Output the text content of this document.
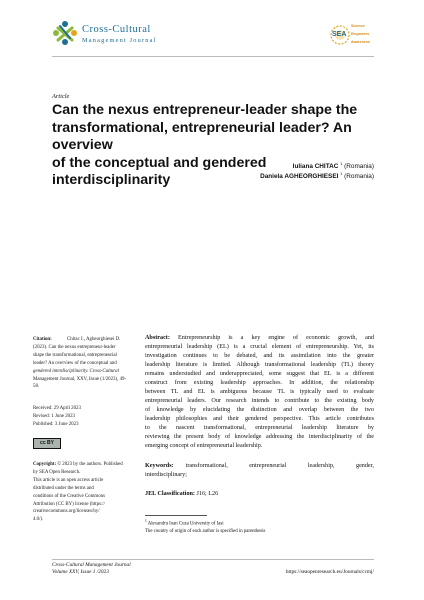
Cross-Cultural
Management Journal
Science
SEA Empowers
Awareness
Article
Can the nexus entrepreneur-leader shape the
transformational, entrepreneurial leader? An overview
of the conceptual and gendered interdisciplinarity
Iuliana CHITAC $^1$ (Romania)
Daniela AGHEORGHIESEI $^1$ (Romania)
Citation:	Chitac I., Agheorghiesei D.
(2023). Can the nexus entrepreneur-leader
shape the transformational, entrepreneurial
leader? An overview of the conceptual and
gendered interdisciplinarity. Cross-Cultural
Management Journal, XXV, Issue (1/2023), 49-
58.
Received: 29 April 2023
Revised: 1 June 2023
Published: 3 June 2023
cc BY
Copyright: © 2023 by the authors. Published
by SEA Open Research.
This article is an open access article
distributed under the terms and
conditions of the Creative Commons
Attribution (CC BY) license (https://
creativecommons.org/licenses/by/
4.0/).
Abstract: Entrepreneurship is a key engine of economic growth, and
entrepreneurial leadership (EL) is a crucial element of entrepreneurship. Yet, its
investigation continues to be debated, and its assimilation into the greater
leadership literature is limited. Although transformational leadership (TL) theory
remains understudied and underappreciated, some suggest that EL is a different
construct from existing leadership approaches. In addition, the relationship
between TL and EL is ambiguous because TL is typically used to evaluate
entrepreneurial leaders. Our research intends to contribute to the existing body
of knowledge by elucidating the distinction and overlap between the two
leadership philosophies and their gendered perspective. This article contributes
to the nascent transformational, entrepreneurial leadership literature by
reviewing the present body of knowledge addressing the interdisciplinarity of the
emerging concept of entrepreneurial leadership.
Keywords: transformational, entrepreneurial leadership, gender,
interdisciplinary;
JEL Classification: J16; L26
$^1$ Alexandru Ioan Cuza University of Iasi
The country of origin of each author is specified in parenthesis
Cross-Cultural Management Journal
Volume XXV, Issue 1 /2023	https://seaopenresearch.eu/Journals/ccmj/
